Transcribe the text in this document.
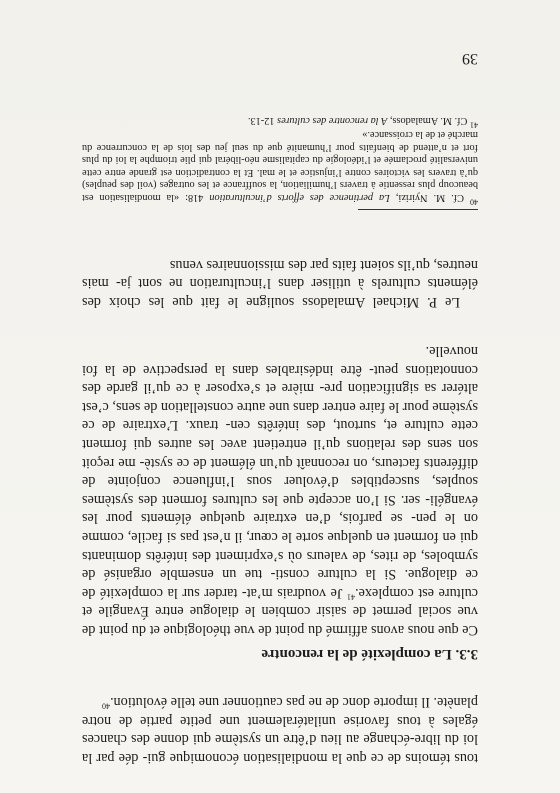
tous témoins de ce que la mondialisation économique gui- dée par la loi du libre-échange au lieu d’être un système qui donne des chances égales à tous favorise unilatéralement une petite partie de notre planète. Il importe donc de ne pas cautionner une telle évolution.$^{40}$

3.3. La complexité de la rencontre

Ce que nous avons affirmé du point de vue théologique et du point de vue social permet de saisir combien le dialogue entre Évangile et culture est complexe.$^{41}$ Je voudrais m’at- tarder sur la complexité de ce dialogue. Si la culture consti- tue un ensemble organisé de symboles, de rites, de valeurs où s’expriment des intérêts dominants qui en forment en quelque sorte le cœur, il n’est pas si facile, comme on le pen- se parfois, d’en extraire quelque éléments pour les évangéli- ser. Si l’on accepte que les cultures forment des systèmes souples, susceptibles d’évoluer sous l’influence conjointe de différents facteurs, on reconnaît qu’un élément de ce systè- me reçoit son sens des relations qu’il entretient avec les autres qui forment cette culture et, surtout, des intérêts cen- traux. L’extraire de ce système pour le faire entrer dans une autre constellation de sens, c’est altérer sa signification pre- mière et s’exposer à ce qu’il garde des connotations peut- être indésirables dans la perspective de la foi nouvelle.

Le P. Michael Amaladoss souligne le fait que les choix des éléments culturels à utiliser dans l’inculturation ne sont ja- mais neutres, qu’ils soient faits par des missionnaires venus

$^{40}$ Cf. M. Nyirizi, La pertinence des efforts d’inculturation 418: «la mondialisation est beaucoup plus ressentie à travers l’humiliation, la souffrance et les outrages (voil des peuples) qu’à travers les victoires contre l’injustice et le mal. Et la contradiction est grande entre cette universalité proclamée et l’idéologie du capitalisme néo-libéral qui plie triomphe la loi du plus fort et n’attend de bienfaits pour l’humanité que du seul jeu des lois de la concurrence du marché et de la croissance.»

$^{41}$ Cf. M. Amaladoss, A la rencontre des cultures 12-13.

39
